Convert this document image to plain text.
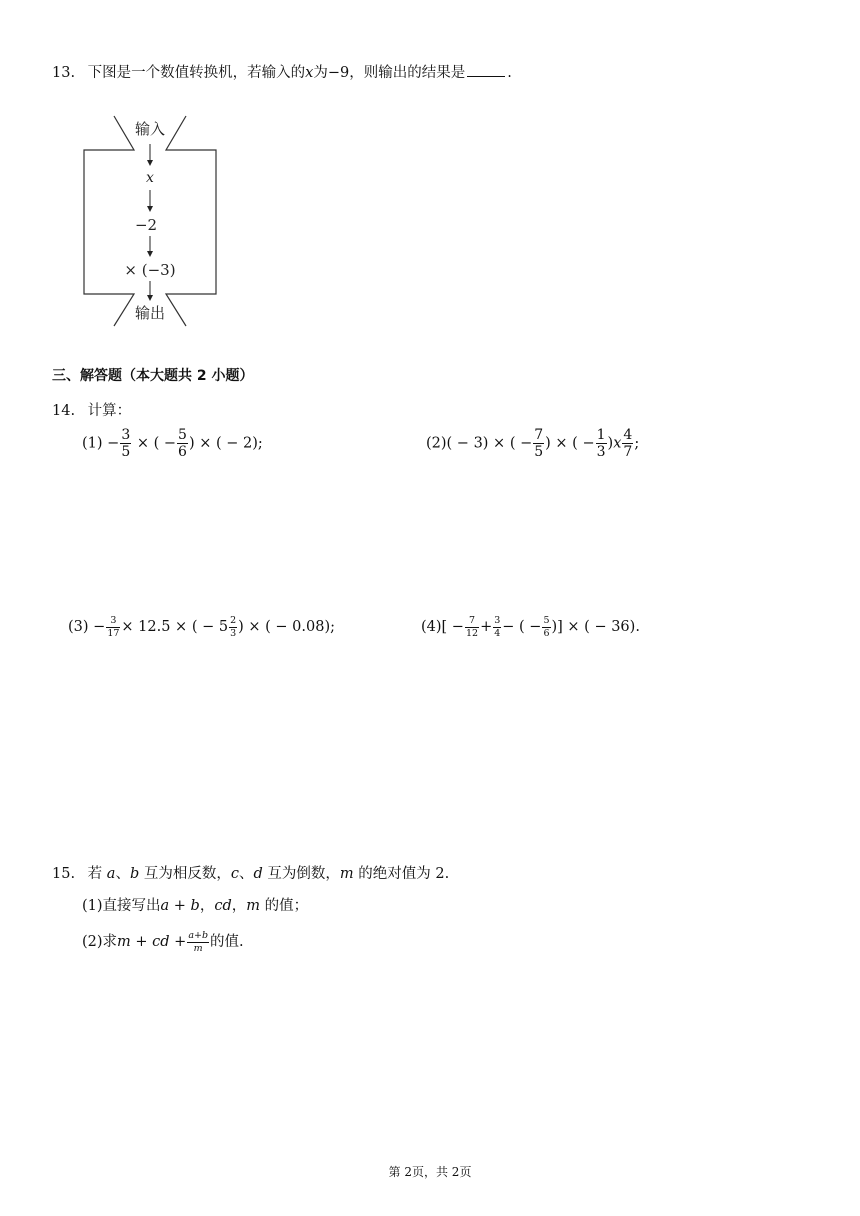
13. 下图是一个数值转换机，若输入的x为−9，则输出的结果是	.
输入
x
−2
× (−3)
输出
三、解答题（本大题共 2 小题）
14. 计算：
$(1) - \frac{3}{5}$ × ( − $\frac{5}{6}$ ) × ( − 2);	(2)( − 3) × ( − $\frac{7}{5}$ ) × ( − $\frac{1}{3} )x \frac{4}{7}$ ;
$(3) - \frac{3}{17} \times 12.5$ × ( − $5 \frac{2}{3}$ ) × ( − 0.08);	$(4)[ - \frac{7}{12} + \frac{3}{4}$ − ( − $\frac{5}{6}$ )] × ( − 36).
15. 若 a、b 互为相反数，c、d 互为倒数，m 的绝对值为 2.
(1)直接写出a + b，cd，m 的值；
(2)求m + cd + $\frac{a+b}{m}$ 的值.
第 2页，共 2页
